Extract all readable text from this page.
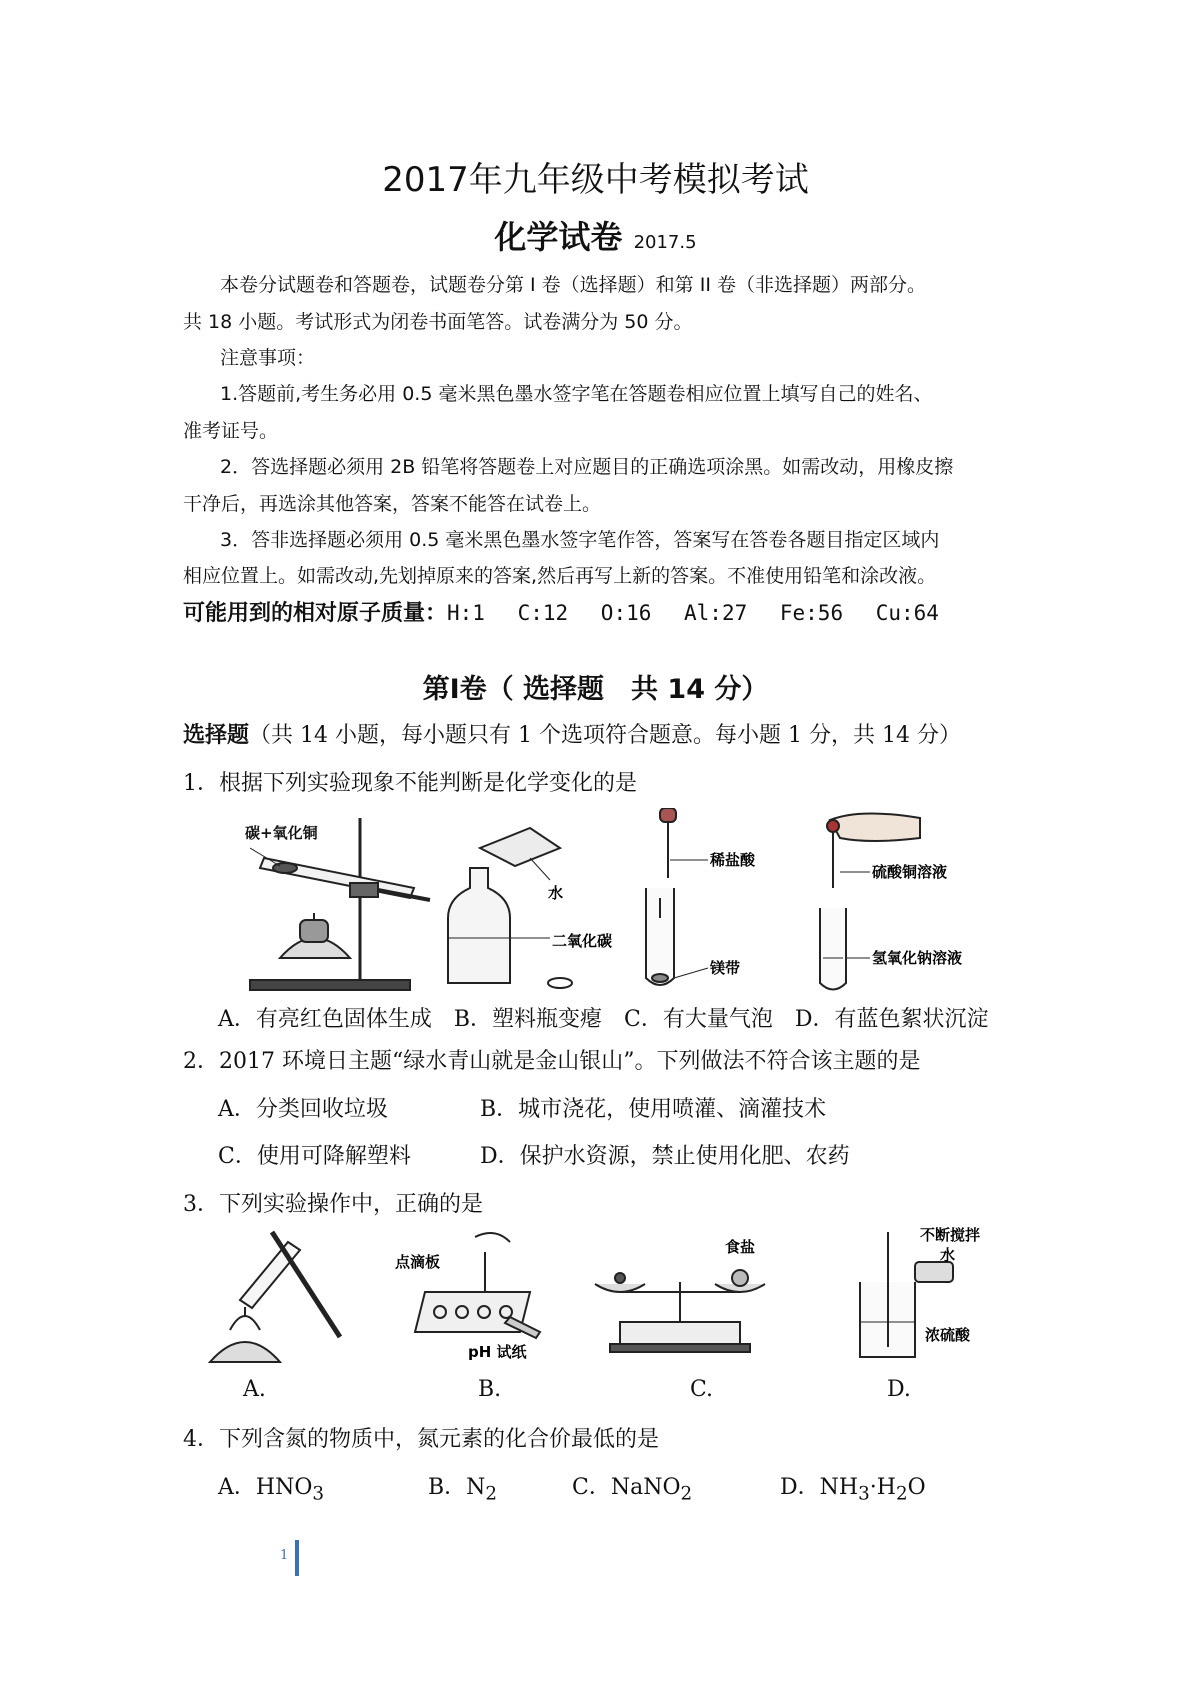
2017年九年级中考模拟考试
化学试卷 2017.5
本卷分试题卷和答题卷，试题卷分第 I 卷（选择题）和第 II 卷（非选择题）两部分。
共 18 小题。考试形式为闭卷书面笔答。试卷满分为 50 分。
注意事项：
1.答题前,考生务必用 0.5 毫米黑色墨水签字笔在答题卷相应位置上填写自己的姓名、
准考证号。
2．答选择题必须用 2B 铅笔将答题卷上对应题目的正确选项涂黑。如需改动，用橡皮擦
干净后，再选涂其他答案，答案不能答在试卷上。
3．答非选择题必须用 0.5 毫米黑色墨水签字笔作答，答案写在答卷各题目指定区域内
相应位置上。如需改动,先划掉原来的答案,然后再写上新的答案。不准使用铅笔和涂改液。
可能用到的相对原子质量：H:1 C:12 O:16 Al:27 Fe:56 Cu:64
第Ⅰ卷（ 选择题　共 14 分）
选择题（共 14 小题，每小题只有 1 个选项符合题意。每小题 1 分，共 14 分）
1．根据下列实验现象不能判断是化学变化的是
碳+氧化铜
水
二氧化碳
稀盐酸
镁带
硫酸铜溶液
氢氧化钠溶液
A．有亮红色固体生成　B．塑料瓶变瘪　C．有大量气泡　D．有蓝色絮状沉淀
2．2017 环境日主题“绿水青山就是金山银山”。下列做法不符合该主题的是
A．分类回收垃圾	B．城市浇花，使用喷灌、滴灌技术
C．使用可降解塑料	D．保护水资源，禁止使用化肥、农药
3．下列实验操作中，正确的是
点滴板
pH 试纸
食盐
不断搅拌
水
浓硫酸
A.	B.	C.	D.
4．下列含氮的物质中，氮元素的化合价最低的是
A．$HNO_3$	B．$N_2$	C．NaNO$_2$	D．$NH_3\cdot H_2O$
1
